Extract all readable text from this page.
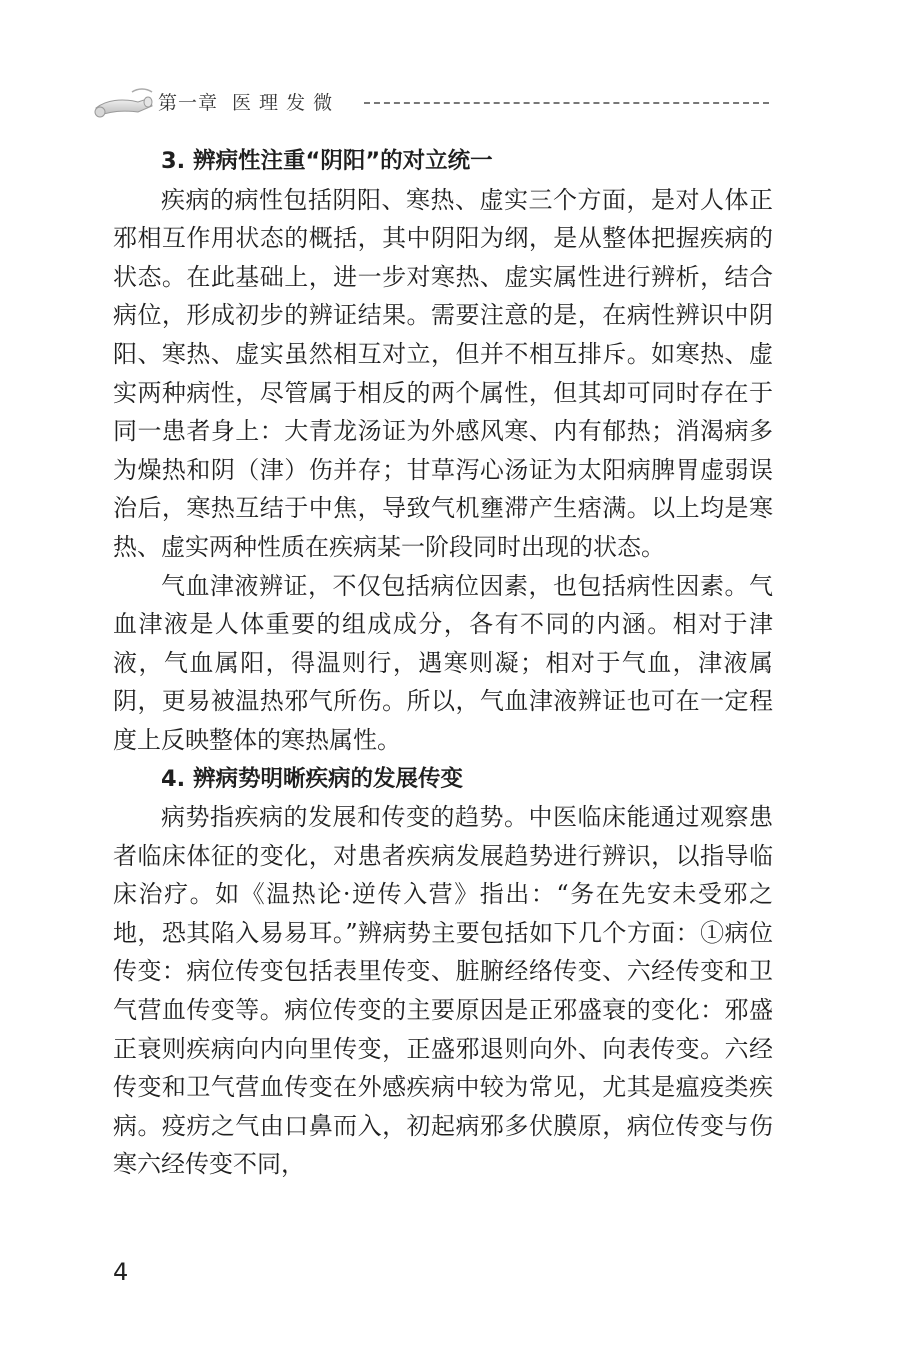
第一章 医 理 发 微

3. 辨病性注重“阴阳”的对立统一

疾病的病性包括阴阳、寒热、虚实三个方面，是对人体正邪相互作用状态的概括，其中阴阳为纲，是从整体把握疾病的状态。在此基础上，进一步对寒热、虚实属性进行辨析，结合病位，形成初步的辨证结果。需要注意的是，在病性辨识中阴阳、寒热、虚实虽然相互对立，但并不相互排斥。如寒热、虚实两种病性，尽管属于相反的两个属性，但其却可同时存在于同一患者身上：大青龙汤证为外感风寒、内有郁热；消渴病多为燥热和阴（津）伤并存；甘草泻心汤证为太阳病脾胃虚弱误治后，寒热互结于中焦，导致气机壅滞产生痞满。以上均是寒热、虚实两种性质在疾病某一阶段同时出现的状态。

气血津液辨证，不仅包括病位因素，也包括病性因素。气血津液是人体重要的组成成分，各有不同的内涵。相对于津液，气血属阳，得温则行，遇寒则凝；相对于气血，津液属阴，更易被温热邪气所伤。所以，气血津液辨证也可在一定程度上反映整体的寒热属性。

4. 辨病势明晰疾病的发展传变

病势指疾病的发展和传变的趋势。中医临床能通过观察患者临床体征的变化，对患者疾病发展趋势进行辨识，以指导临床治疗。如《温热论·逆传入营》指出：“务在先安未受邪之地，恐其陷入易易耳。”辨病势主要包括如下几个方面：①病位传变：病位传变包括表里传变、脏腑经络传变、六经传变和卫气营血传变等。病位传变的主要原因是正邪盛衰的变化：邪盛正衰则疾病向内向里传变，正盛邪退则向外、向表传变。六经传变和卫气营血传变在外感疾病中较为常见，尤其是瘟疫类疾病。疫疠之气由口鼻而入，初起病邪多伏膜原，病位传变与伤寒六经传变不同，

4
